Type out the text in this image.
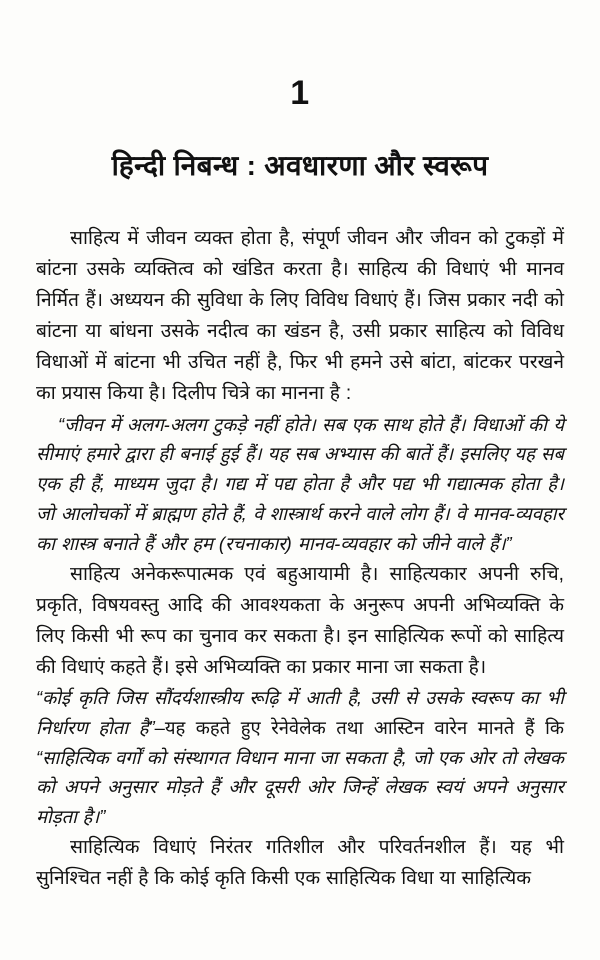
1
हिन्दी निबन्ध : अवधारणा और स्वरूप

साहित्य में जीवन व्यक्त होता है, संपूर्ण जीवन और जीवन को टुकड़ों में बांटना उसके व्यक्तित्व को खंडित करता है। साहित्य की विधाएं भी मानव निर्मित हैं। अध्ययन की सुविधा के लिए विविध विधाएं हैं। जिस प्रकार नदी को बांटना या बांधना उसके नदीत्व का खंडन है, उसी प्रकार साहित्य को विविध विधाओं में बांटना भी उचित नहीं है, फिर भी हमने उसे बांटा, बांटकर परखने का प्रयास किया है। दिलीप चित्रे का मानना है :

“जीवन में अलग-अलग टुकड़े नहीं होते। सब एक साथ होते हैं। विधाओं की ये सीमाएं हमारे द्वारा ही बनाई हुई हैं। यह सब अभ्यास की बातें हैं। इसलिए यह सब एक ही हैं, माध्यम जुदा है। गद्य में पद्य होता है और पद्य भी गद्यात्मक होता है। जो आलोचकों में ब्राह्मण होते हैं, वे शास्त्रार्थ करने वाले लोग हैं। वे मानव-व्यवहार का शास्त्र बनाते हैं और हम (रचनाकार) मानव-व्यवहार को जीने वाले हैं।”

साहित्य अनेकरूपात्मक एवं बहुआयामी है। साहित्यकार अपनी रुचि, प्रकृति, विषयवस्तु आदि की आवश्यकता के अनुरूप अपनी अभिव्यक्ति के लिए किसी भी रूप का चुनाव कर सकता है। इन साहित्यिक रूपों को साहित्य की विधाएं कहते हैं। इसे अभिव्यक्ति का प्रकार माना जा सकता है।

“कोई कृति जिस सौंदर्यशास्त्रीय रूढ़ि में आती है, उसी से उसके स्वरूप का भी निर्धारण होता है”–यह कहते हुए रेनेवेलेक तथा आस्टिन वारेन मानते हैं कि “साहित्यिक वर्गों को संस्थागत विधान माना जा सकता है, जो एक ओर तो लेखक को अपने अनुसार मोड़ते हैं और दूसरी ओर जिन्हें लेखक स्वयं अपने अनुसार मोड़ता है।”

साहित्यिक विधाएं निरंतर गतिशील और परिवर्तनशील हैं। यह भी सुनिश्चित नहीं है कि कोई कृति किसी एक साहित्यिक विधा या साहित्यिक
